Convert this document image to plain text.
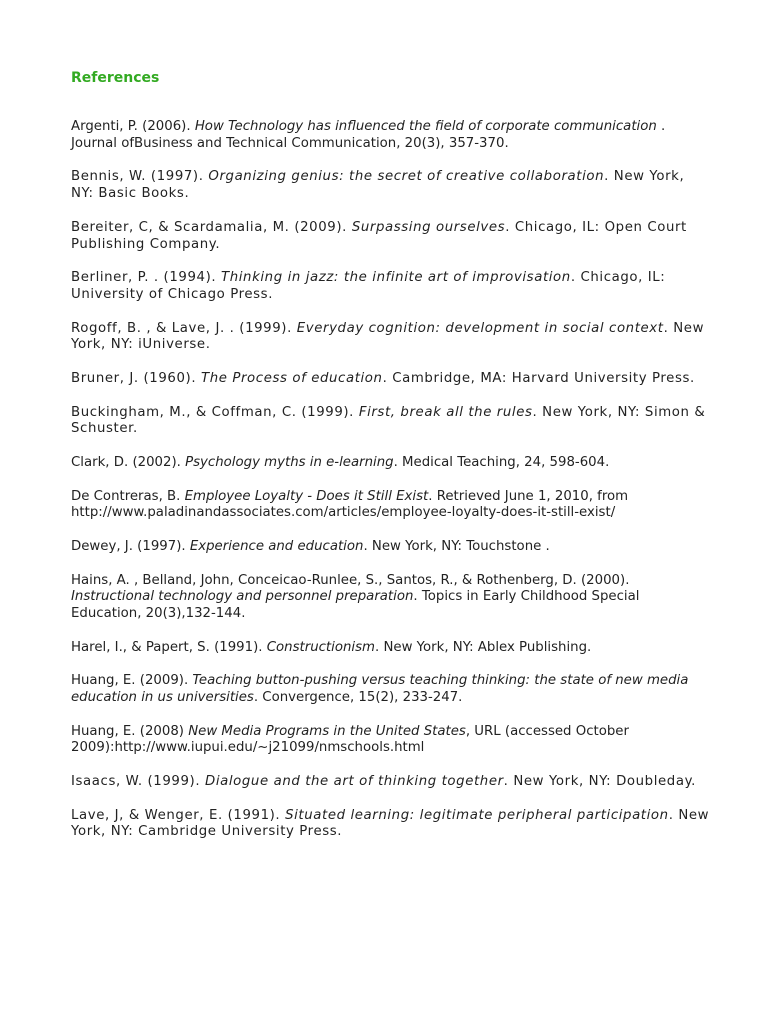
References

Argenti, P. (2006). How Technology has influenced the field of corporate communication . Journal ofBusiness and Technical Communication, 20(3), 357-370.

Bennis, W. (1997). Organizing genius: the secret of creative collaboration. New York, NY: Basic Books.

Bereiter, C, & Scardamalia, M. (2009). Surpassing ourselves. Chicago, IL: Open Court Publishing Company.

Berliner, P. . (1994). Thinking in jazz: the infinite art of improvisation. Chicago, IL: University of Chicago Press.

Rogoff, B. , & Lave, J. . (1999). Everyday cognition: development in social context. New York, NY: iUniverse.

Bruner, J. (1960). The Process of education. Cambridge, MA: Harvard University Press.

Buckingham, M., & Coffman, C. (1999). First, break all the rules. New York, NY: Simon & Schuster.

Clark, D. (2002). Psychology myths in e-learning. Medical Teaching, 24, 598-604.

De Contreras, B. Employee Loyalty - Does it Still Exist. Retrieved June 1, 2010, from http://www.paladinandassociates.com/articles/employee-loyalty-does-it-still-exist/

Dewey, J. (1997). Experience and education. New York, NY: Touchstone .

Hains, A. , Belland, John, Conceicao-Runlee, S., Santos, R., & Rothenberg, D. (2000). Instructional technology and personnel preparation. Topics in Early Childhood Special Education, 20(3),132-144.

Harel, I., & Papert, S. (1991). Constructionism. New York, NY: Ablex Publishing.

Huang, E. (2009). Teaching button-pushing versus teaching thinking: the state of new media education in us universities. Convergence, 15(2), 233-247.

Huang, E. (2008) New Media Programs in the United States, URL (accessed October 2009):http://www.iupui.edu/~j21099/nmschools.html

Isaacs, W. (1999). Dialogue and the art of thinking together. New York, NY: Doubleday.

Lave, J, & Wenger, E. (1991). Situated learning: legitimate peripheral participation. New York, NY: Cambridge University Press.
